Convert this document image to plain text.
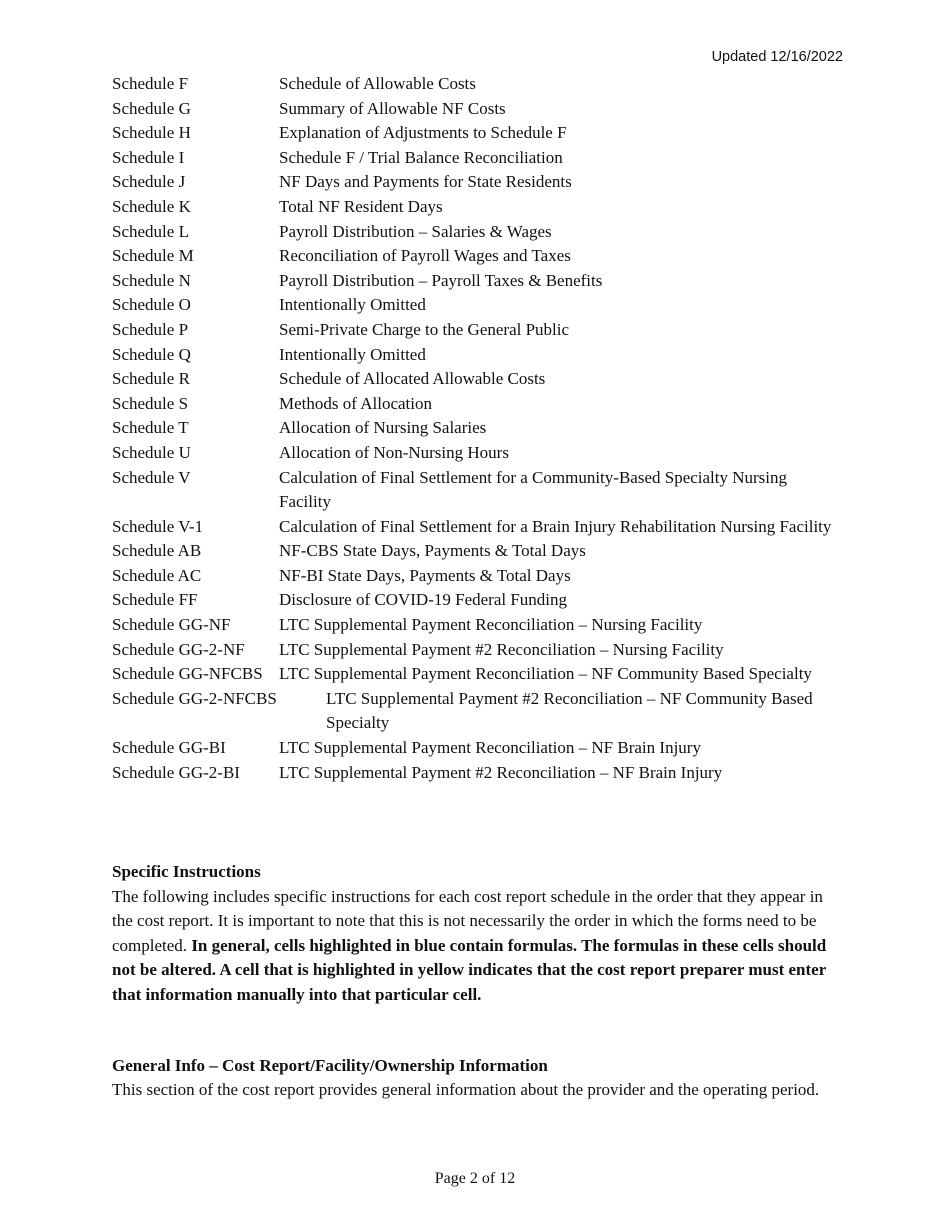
Updated 12/16/2022
Schedule F	Schedule of Allowable Costs
Schedule G	Summary of Allowable NF Costs
Schedule H	Explanation of Adjustments to Schedule F
Schedule I	Schedule F / Trial Balance Reconciliation
Schedule J	NF Days and Payments for State Residents
Schedule K	Total NF Resident Days
Schedule L	Payroll Distribution – Salaries & Wages
Schedule M	Reconciliation of Payroll Wages and Taxes
Schedule N	Payroll Distribution – Payroll Taxes & Benefits
Schedule O	Intentionally Omitted
Schedule P	Semi-Private Charge to the General Public
Schedule Q	Intentionally Omitted
Schedule R	Schedule of Allocated Allowable Costs
Schedule S	Methods of Allocation
Schedule T	Allocation of Nursing Salaries
Schedule U	Allocation of Non-Nursing Hours
Schedule V	Calculation of Final Settlement for a Community-Based Specialty Nursing Facility
Schedule V-1	Calculation of Final Settlement for a Brain Injury Rehabilitation Nursing Facility
Schedule AB	NF-CBS State Days, Payments & Total Days
Schedule AC	NF-BI State Days, Payments & Total Days
Schedule FF	Disclosure of COVID-19 Federal Funding
Schedule GG-NF	LTC Supplemental Payment Reconciliation – Nursing Facility
Schedule GG-2-NF LTC Supplemental Payment #2 Reconciliation – Nursing Facility
Schedule GG-NFCBS LTC Supplemental Payment Reconciliation – NF Community Based Specialty
Schedule GG-2-NFCBS	LTC Supplemental Payment #2 Reconciliation – NF Community Based Specialty
Schedule GG-BI	LTC Supplemental Payment Reconciliation – NF Brain Injury
Schedule GG-2-BI LTC Supplemental Payment #2 Reconciliation – NF Brain Injury
Specific Instructions
The following includes specific instructions for each cost report schedule in the order that they appear in the cost report. It is important to note that this is not necessarily the order in which the forms need to be completed. In general, cells highlighted in blue contain formulas. The formulas in these cells should not be altered. A cell that is highlighted in yellow indicates that the cost report preparer must enter that information manually into that particular cell.
General Info – Cost Report/Facility/Ownership Information
This section of the cost report provides general information about the provider and the operating period.
Page 2 of 12
